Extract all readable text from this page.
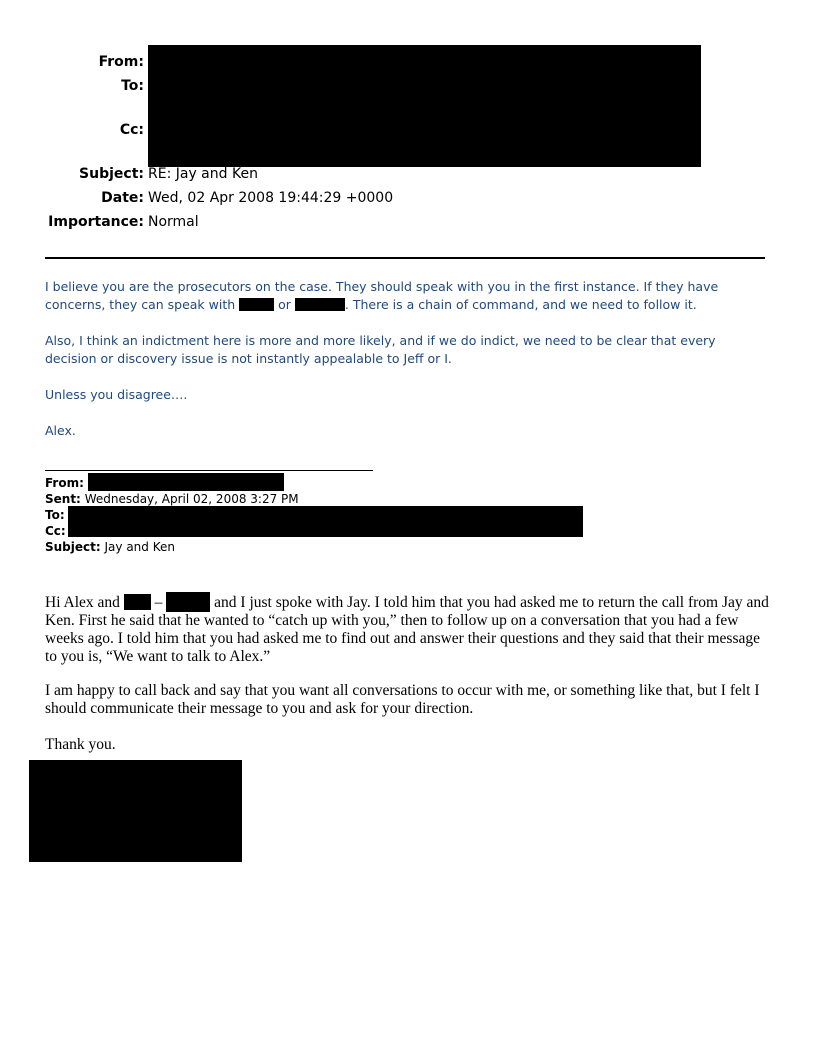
From:
To:
Cc:
Subject: RE: Jay and Ken
Date: Wed, 02 Apr 2008 19:44:29 +0000
Importance: Normal
I believe you are the prosecutors on the case. They should speak with you in the first instance. If they have concerns, they can speak with	or	. There is a chain of command, and we need to follow it.
Also, I think an indictment here is more and more likely, and if we do indict, we need to be clear that every decision or discovery issue is not instantly appealable to Jeff or I.
Unless you disagree….
Alex.
From:
Sent: Wednesday, April 02, 2008 3:27 PM
To:
Cc:
Subject: Jay and Ken
Hi Alex and –	and I just spoke with Jay. I told him that you had asked me to return the call from Jay and Ken. First he said that he wanted to “catch up with you,” then to follow up on a conversation that you had a few weeks ago. I told him that you had asked me to find out and answer their questions and they said that their message to you is, “We want to talk to Alex.”
I am happy to call back and say that you want all conversations to occur with me, or something like that, but I felt I should communicate their message to you and ask for your direction.
Thank you.
